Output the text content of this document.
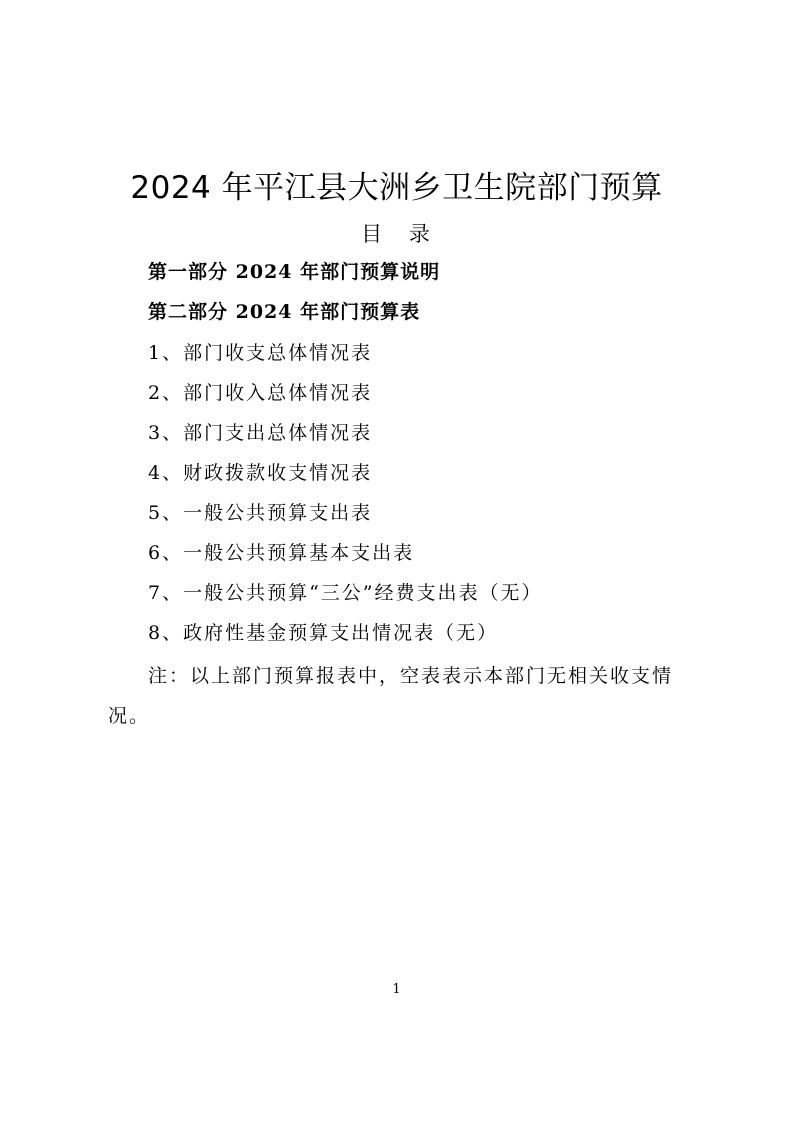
2024 年平江县大洲乡卫生院部门预算
目 录
第一部分 2024 年部门预算说明
第二部分 2024 年部门预算表
1、部门收支总体情况表
2、部门收入总体情况表
3、部门支出总体情况表
4、财政拨款收支情况表
5、一般公共预算支出表
6、一般公共预算基本支出表
7、一般公共预算“三公”经费支出表（无）
8、政府性基金预算支出情况表（无）
注：以上部门预算报表中，空表表示本部门无相关收支情况。
1
